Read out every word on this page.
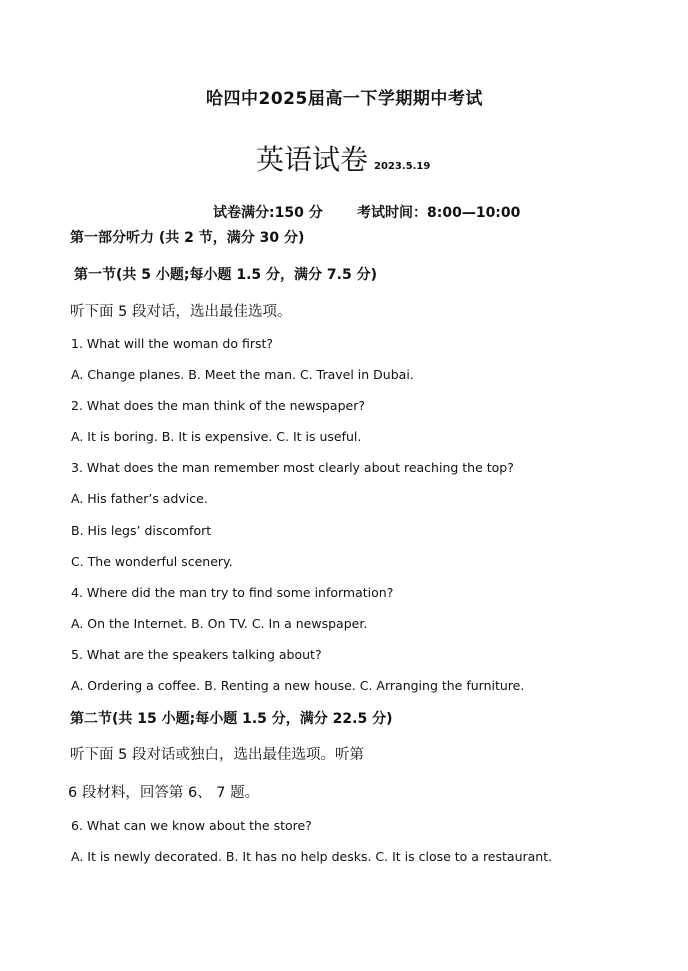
哈四中2025届高一下学期期中考试
英语试卷 2023.5.19
试卷满分:150 分 考试时间：8:00—10:00
第一部分听力 (共 2 节，满分 30 分)
第一节(共 5 小题;每小题 1.5 分，满分 7.5 分)
听下面 5 段对话，选出最佳选项。
1. What will the woman do first?
A. Change planes. B. Meet the man. C. Travel in Dubai.
2. What does the man think of the newspaper?
A. It is boring. B. It is expensive. C. It is useful.
3. What does the man remember most clearly about reaching the top?
A. His father’s advice.
B. His legs’ discomfort
C. The wonderful scenery.
4. Where did the man try to find some information?
A. On the Internet. B. On TV. C. In a newspaper.
5. What are the speakers talking about?
A. Ordering a coffee. B. Renting a new house. C. Arranging the furniture.
第二节(共 15 小题;每小题 1.5 分，满分 22.5 分)
听下面 5 段对话或独白，选出最佳选项。听第
6 段材料，回答第 6、 7 题。
6. What can we know about the store?
A. It is newly decorated. B. It has no help desks. C. It is close to a restaurant.
